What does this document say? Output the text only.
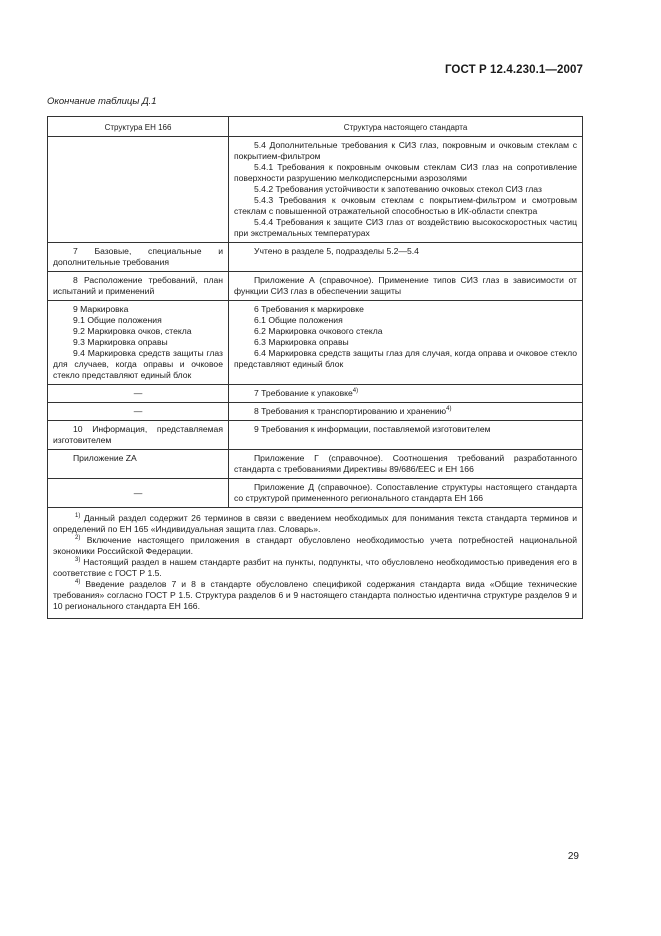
ГОСТ Р 12.4.230.1—2007
Окончание таблицы Д.1
Структура ЕН 166	Структура настоящего стандарта

	5.4 Дополнительные требования к СИЗ глаз, покровным и очковым стеклам с покрытием-фильтром
5.4.1 Требования к покровным очковым стеклам СИЗ глаз на сопротивление поверхности разрушению мелкодисперсными аэрозолями
5.4.2 Требования устойчивости к запотеванию очковых стекол СИЗ глаз
5.4.3 Требования к очковым стеклам с покрытием-фильтром и смотровым стеклам с повышенной отражательной способностью в ИК-области спектра
5.4.4 Требования к защите СИЗ глаз от воздействию высокоскоростных частиц при экстремальных температурах

7 Базовые, специальные и дополнительные требования	Учтено в разделе 5, подразделы 5.2—5.4

8 Расположение требований, план испытаний и применений	Приложение А (справочное). Применение типов СИЗ глаз в зависимости от функции СИЗ глаз в обеспечении защиты

9 Маркировка
9.1 Общие положения
9.2 Маркировка очков, стекла
9.3 Маркировка оправы
9.4 Маркировка средств защиты глаз для случаев, когда оправы и очковое стекло представляют единый блок	6 Требования к маркировке
6.1 Общие положения
6.2 Маркировка очкового стекла
6.3 Маркировка оправы
6.4 Маркировка средств защиты глаз для случая, когда оправа и очковое стекло представляют единый блок

—	7 Требование к упаковке$^{4)}$

—	8 Требования к транспортированию и хранению$^{4)}$

10 Информация, представляемая изготовителем	9 Требования к информации, поставляемой изготовителем

Приложение ZA	Приложение Г (справочное). Соотношения требований разработанного стандарта с требованиями Директивы 89/686/ЕЕС и ЕН 166

—	Приложение Д (справочное). Сопоставление структуры настоящего стандарта со структурой примененного регионального стандарта ЕН 166

$^{1)}$ Данный раздел содержит 26 терминов в связи с введением необходимых для понимания текста стандарта терминов и определений по ЕН 165 «Индивидуальная защита глаз. Словарь».
$^{2)}$ Включение настоящего приложения в стандарт обусловлено необходимостью учета потребностей национальной экономики Российской Федерации.
$^{3)}$ Настоящий раздел в нашем стандарте разбит на пункты, подпункты, что обусловлено необходимостью приведения его в соответствие с ГОСТ Р 1.5.
$^{4)}$ Введение разделов 7 и 8 в стандарте обусловлено спецификой содержания стандарта вида «Общие технические требования» согласно ГОСТ Р 1.5. Структура разделов 6 и 9 настоящего стандарта полностью идентична структуре разделов 9 и 10 регионального стандарта ЕН 166.	
29
